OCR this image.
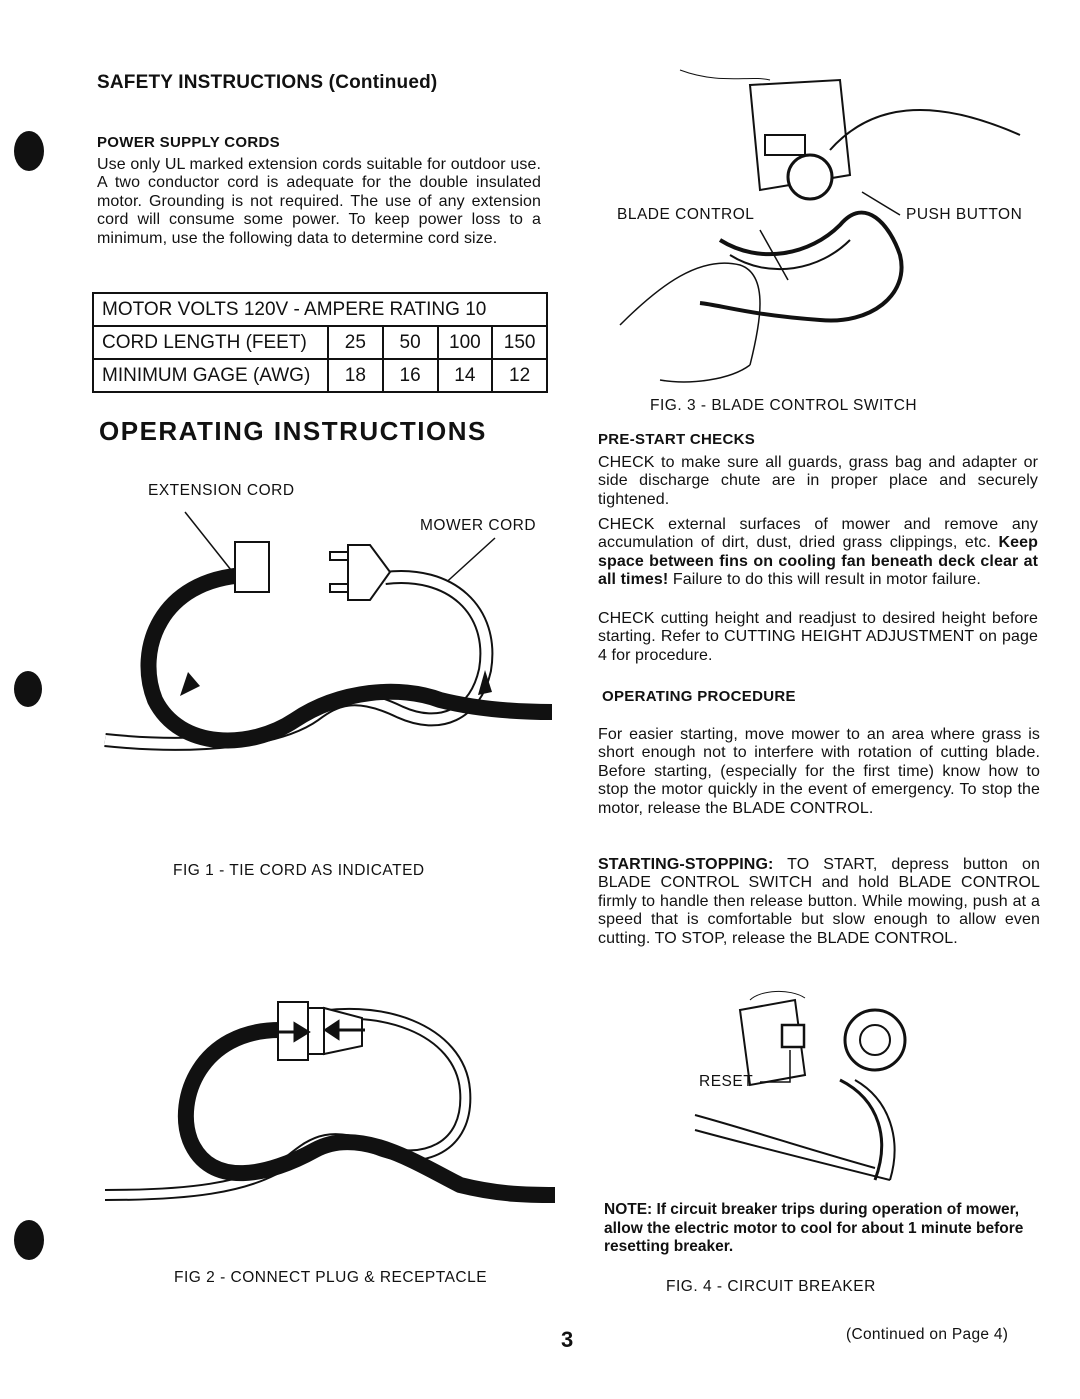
SAFETY INSTRUCTIONS (Continued)
POWER SUPPLY CORDS
Use only UL marked extension cords suitable for outdoor use. A two conductor cord is adequate for the double insulated motor. Grounding is not required. The use of any extension cord will consume some power. To keep power loss to a minimum, use the following data to determine cord size.
MOTOR VOLTS 120V - AMPERE RATING 10
CORD LENGTH (FEET)	25	50	100	150
MINIMUM GAGE (AWG)	18	16	14	12
OPERATING INSTRUCTIONS
EXTENSION CORD
MOWER CORD
FIG 1 - TIE CORD AS INDICATED
FIG 2 - CONNECT PLUG & RECEPTACLE
BLADE CONTROL	PUSH BUTTON
FIG. 3 - BLADE CONTROL SWITCH
PRE-START CHECKS
CHECK to make sure all guards, grass bag and adapter or side discharge chute are in proper place and securely tightened.
CHECK external surfaces of mower and remove any accumulation of dirt, dust, dried grass clippings, etc. Keep space between fins on cooling fan beneath deck clear at all times! Failure to do this will result in motor failure.
CHECK cutting height and readjust to desired height before starting. Refer to CUTTING HEIGHT ADJUSTMENT on page 4 for procedure.
OPERATING PROCEDURE
For easier starting, move mower to an area where grass is short enough not to interfere with rotation of cutting blade. Before starting, (especially for the first time) know how to stop the motor quickly in the event of emergency. To stop the motor, release the BLADE CONTROL.
STARTING-STOPPING: TO START, depress button on BLADE CONTROL SWITCH and hold BLADE CONTROL firmly to handle then release button. While mowing, push at a speed that is comfortable but slow enough to allow even cutting. TO STOP, release the BLADE CONTROL.
RESET
NOTE: If circuit breaker trips during operation of mower, allow the electric motor to cool for about 1 minute before resetting breaker.
FIG. 4 - CIRCUIT BREAKER
3	(Continued on Page 4)
